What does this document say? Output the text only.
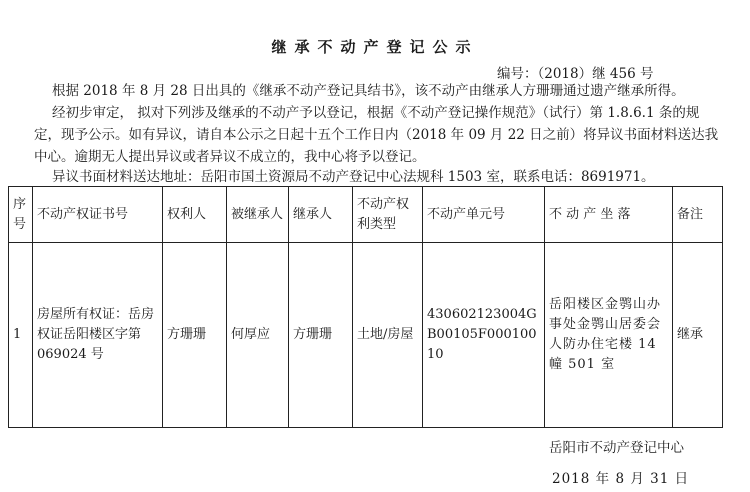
继承不动产登记公示
编号：（2018）继 456 号

根据 2018 年 8 月 28 日出具的《继承不动产登记具结书》，该不动产由继承人方珊珊通过遗产继承所得。

经初步审定， 拟对下列涉及继承的不动产予以登记，根据《不动产登记操作规范》（试行）第 1.8.6.1 条的规定，现予公示。如有异议，请自本公示之日起十五个工作日内（2018 年 09 月 22 日之前）将异议书面材料送达我中心。逾期无人提出异议或者异议不成立的，我中心将予以登记。

异议书面材料送达地址：岳阳市国土资源局不动产登记中心法规科 1503 室，联系电话：8691971。

序号	不动产权证书号	权利人	被继承人	继承人	不动产权利类型	不动产单元号	不 动 产 坐 落	备注
1	房屋所有权证：岳房权证岳阳楼区字第 069024 号	方珊珊	何厚应	方珊珊	土地/房屋	430602123004GB00105F00010010	岳阳楼区金鹗山办事处金鹗山居委会人防办住宅楼 14 幢 501 室	继承
岳阳市不动产登记中心
2018 年 8 月 31 日
